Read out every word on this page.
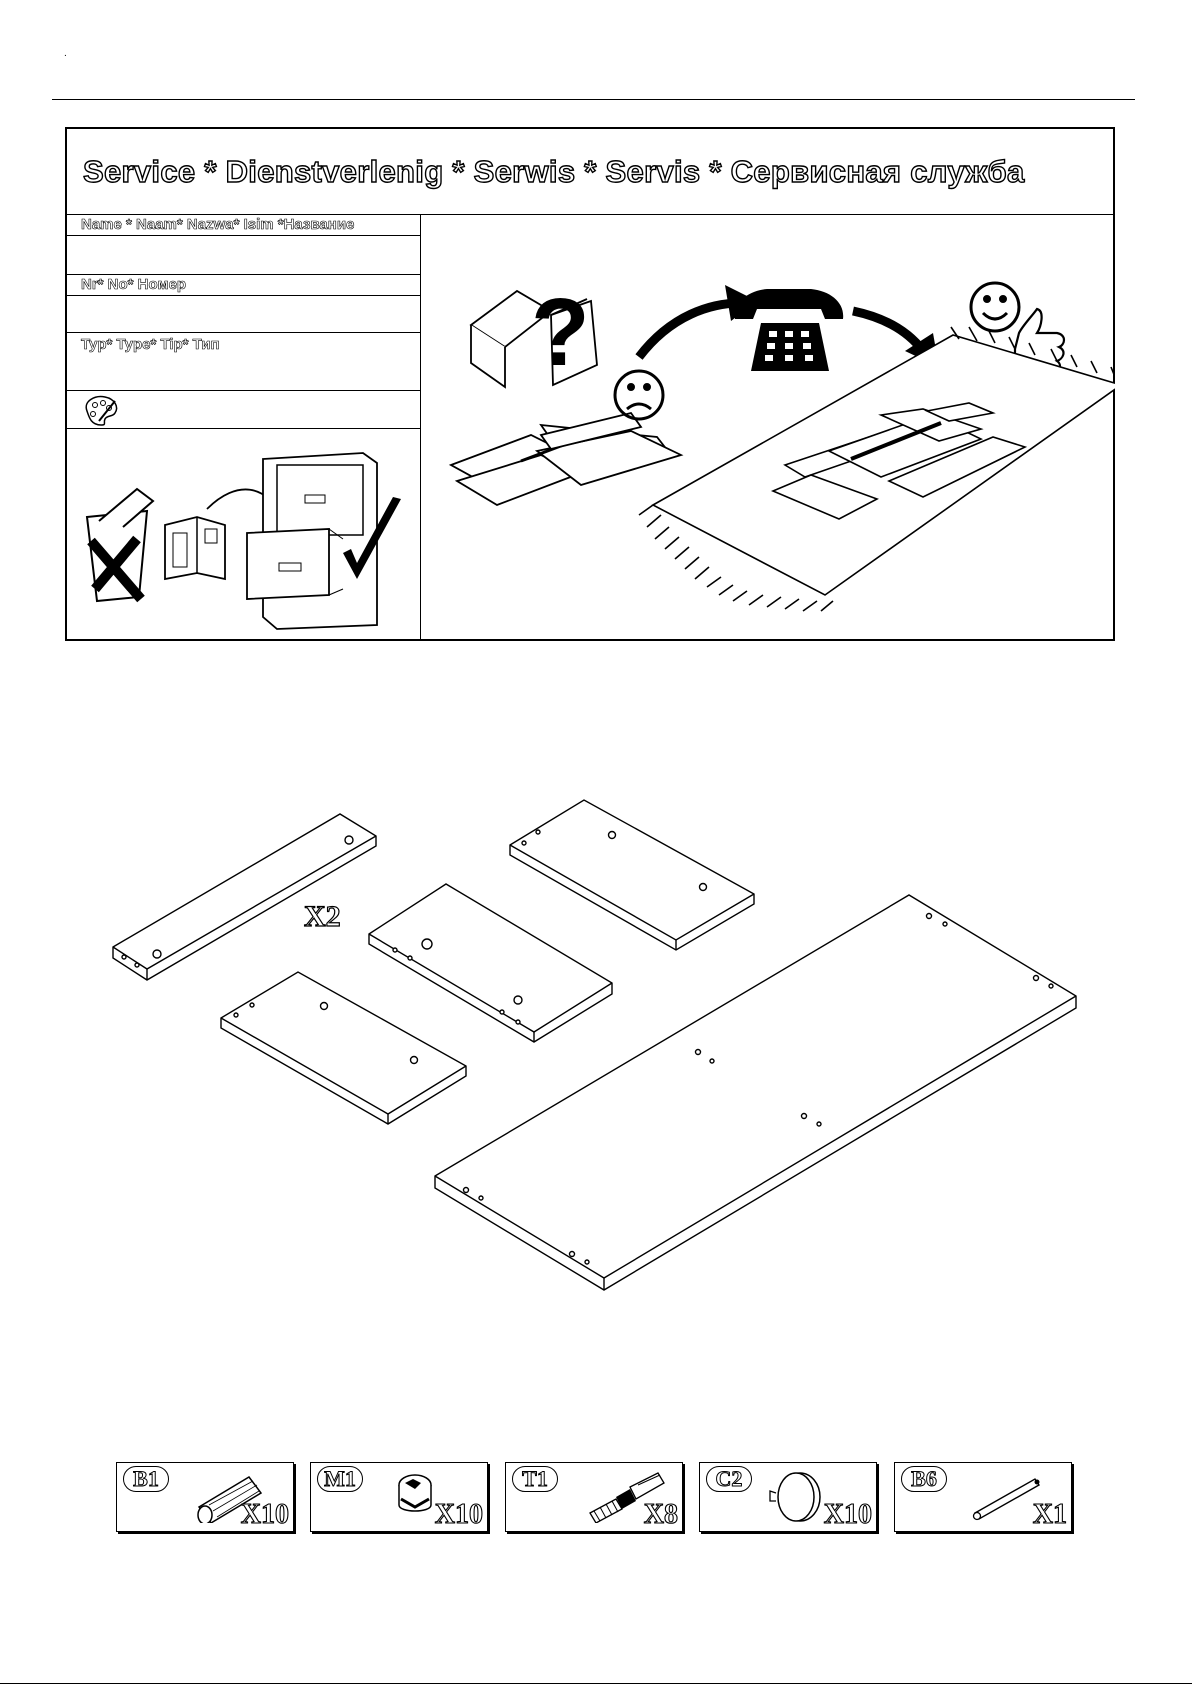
.
Service * Dienstverlenig * Serwis * Servis * Сервисная служба
Name * Naam* Nazwa* Isim *Название
Nr* No* Номер
Typ* Type* Tip* Тип	?
X2
B1
X10
M1
X10
T1
X8
C2
X10
B6
X1
